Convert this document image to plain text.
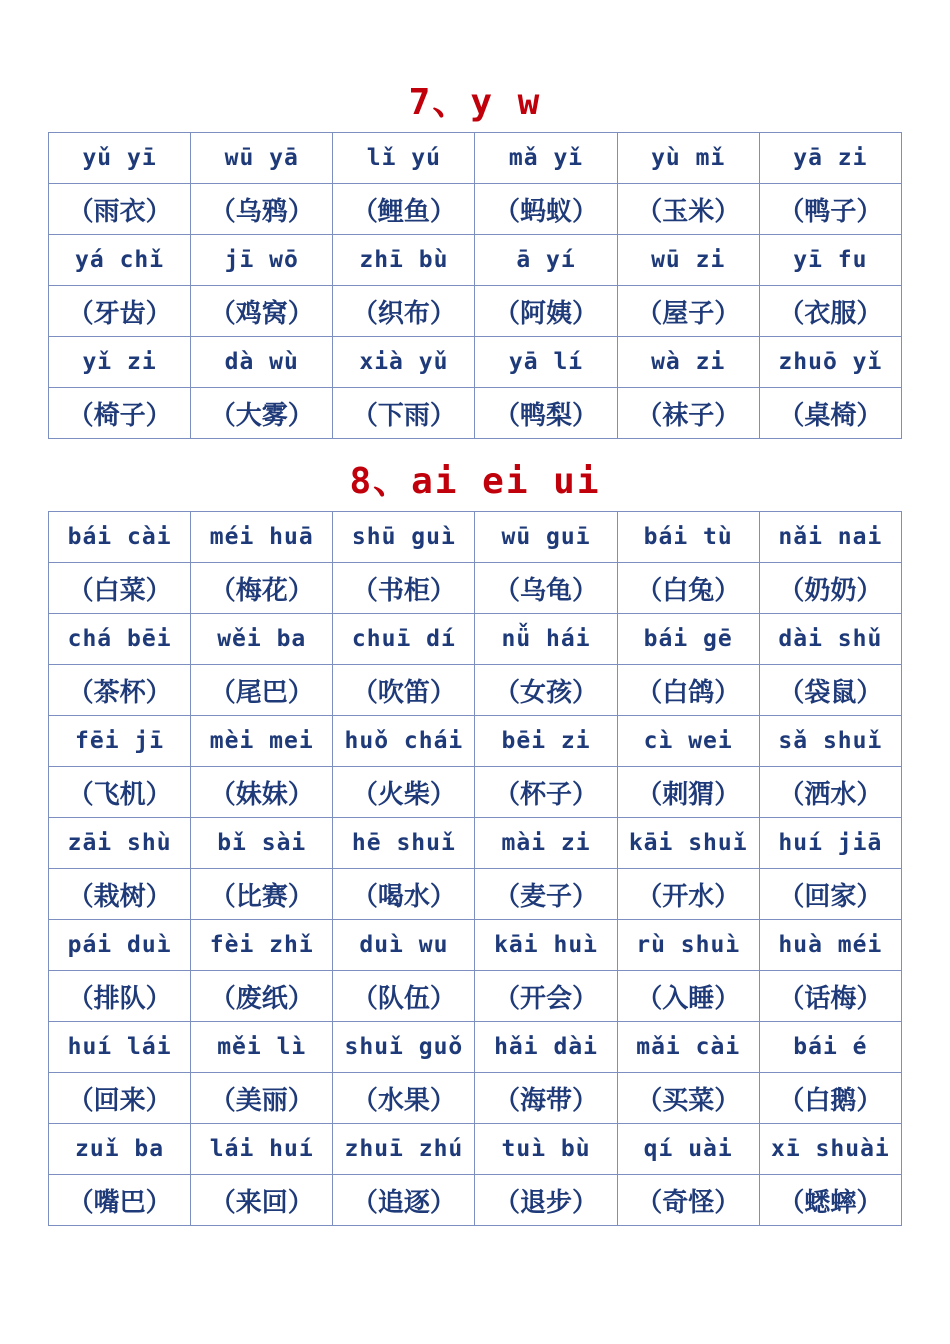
7、y w
yǔ yī	wū yā	lǐ yú	mǎ yǐ	yù mǐ	yā zi
（雨衣）	（乌鸦）	（鲤鱼）	（蚂蚁）	（玉米）	（鸭子）
yá chǐ	jī wō	zhī bù	ā yí	wū zi	yī fu
（牙齿）	（鸡窝）	（织布）	（阿姨）	（屋子）	（衣服）
yǐ zi	dà wù	xià yǔ	yā lí	wà zi	zhuō yǐ
（椅子）	（大雾）	（下雨）	（鸭梨）	（袜子）	（桌椅）
8、ai ei ui
bái cài	méi huā	shū guì	wū guī	bái tù	nǎi nai
（白菜）	（梅花）	（书柜）	（乌龟）	（白兔）	（奶奶）
chá bēi	wěi ba	chuī dí	nǚ hái	bái gē	dài shǔ
（茶杯）	（尾巴）	（吹笛）	（女孩）	（白鸽）	（袋鼠）
fēi jī	mèi mei	huǒ chái	bēi zi	cì wei	sǎ shuǐ
（飞机）	（妹妹）	（火柴）	（杯子）	（刺猬）	（洒水）
zāi shù	bǐ sài	hē shuǐ	mài zi	kāi shuǐ	huí jiā
（栽树）	（比赛）	（喝水）	（麦子）	（开水）	（回家）
pái duì	fèi zhǐ	duì wu	kāi huì	rù shuì	huà méi
（排队）	（废纸）	（队伍）	（开会）	（入睡）	（话梅）
huí lái	měi lì	shuǐ guǒ	hǎi dài	mǎi cài	bái é
（回来）	（美丽）	（水果）	（海带）	（买菜）	（白鹅）
zuǐ ba	lái huí	zhuī zhú	tuì bù	qí uài	xī shuài
（嘴巴）	（来回）	（追逐）	（退步）	（奇怪）	（蟋蟀）
